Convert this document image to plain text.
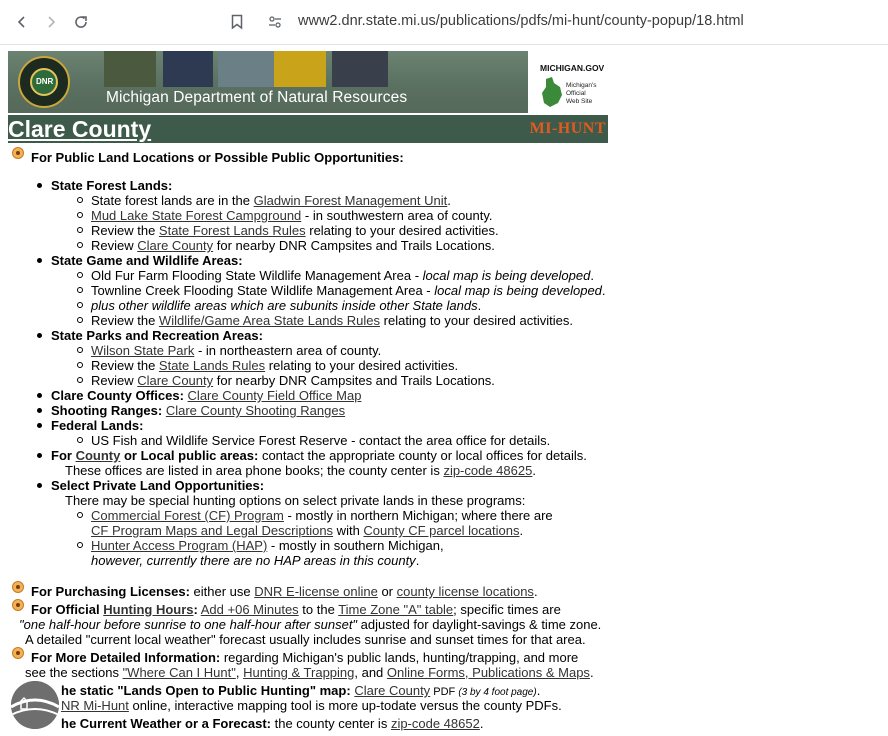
www2.dnr.state.mi.us/publications/pdfs/mi-hunt/county-popup/18.html
DNR
Michigan Department of Natural Resources
MICHIGAN.GOV
Michigan's
Official
Web Site
Clare County	MI-HUNT
For Public Land Locations or Possible Public Opportunities:
State Forest Lands:
State forest lands are in the Gladwin Forest Management Unit.
Mud Lake State Forest Campground - in southwestern area of county.
Review the State Forest Lands Rules relating to your desired activities.
Review Clare County for nearby DNR Campsites and Trails Locations.
State Game and Wildlife Areas:
Old Fur Farm Flooding State Wildlife Management Area - local map is being developed.
Townline Creek Flooding State Wildlife Management Area - local map is being developed.
plus other wildlife areas which are subunits inside other State lands.
Review the Wildlife/Game Area State Lands Rules relating to your desired activities.
State Parks and Recreation Areas:
Wilson State Park - in northeastern area of county.
Review the State Lands Rules relating to your desired activities.
Review Clare County for nearby DNR Campsites and Trails Locations.
Clare County Offices: Clare County Field Office Map
Shooting Ranges: Clare County Shooting Ranges
Federal Lands:
US Fish and Wildlife Service Forest Reserve - contact the area office for details.
For County or Local public areas: contact the appropriate county or local offices for details.
These offices are listed in area phone books; the county center is zip-code 48625.
Select Private Land Opportunities:
There may be special hunting options on select private lands in these programs:
Commercial Forest (CF) Program - mostly in northern Michigan; where there are
CF Program Maps and Legal Descriptions with County CF parcel locations.
Hunter Access Program (HAP) - mostly in southern Michigan,
however, currently there are no HAP areas in this county.
For Purchasing Licenses: either use DNR E-license online or county license locations.
For Official Hunting Hours: Add +06 Minutes to the Time Zone "A" table; specific times are
"one half-hour before sunrise to one half-hour after sunset" adjusted for daylight-savings & time zone.
A detailed "current local weather" forecast usually includes sunrise and sunset times for that area.
For More Detailed Information: regarding Michigan's public lands, hunting/trapping, and more
see the sections "Where Can I Hunt", Hunting & Trapping, and Online Forms, Publications & Maps.
he static "Lands Open to Public Hunting" map: Clare County PDF (3 by 4 foot page).
NR Mi-Hunt online, interactive mapping tool is more up-todate versus the county PDFs.
he Current Weather or a Forecast: the county center is zip-code 48652.
